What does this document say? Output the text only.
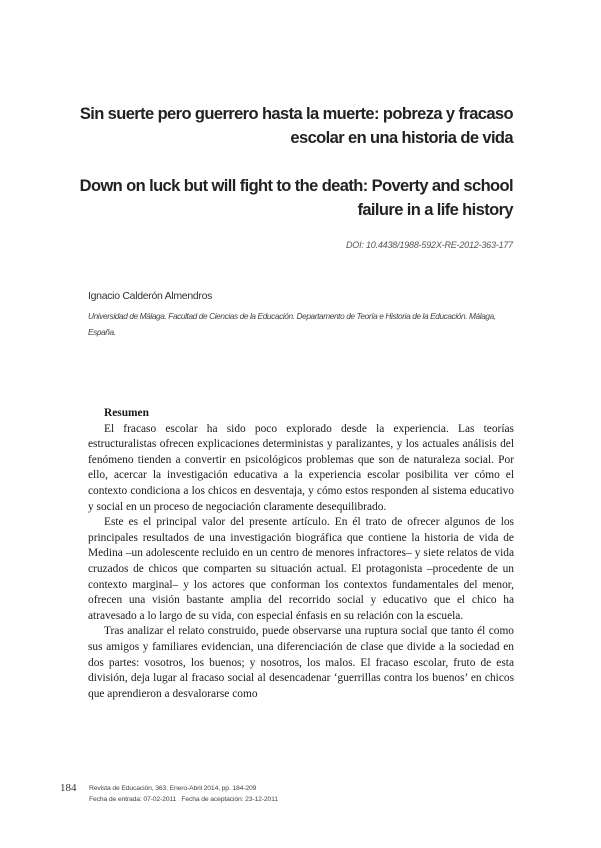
Sin suerte pero guerrero hasta la muerte: pobreza y fracaso escolar en una historia de vida
Down on luck but will fight to the death: Poverty and school failure in a life history
DOI: 10.4438/1988-592X-RE-2012-363-177
Ignacio Calderón Almendros
Universidad de Málaga. Facultad de Ciencias de la Educación. Departamento de Teoría e Historia de la Educación. Málaga, España.
Resumen

El fracaso escolar ha sido poco explorado desde la experiencia. Las teorías estructuralistas ofrecen explicaciones deterministas y paralizantes, y los actuales análisis del fenómeno tienden a convertir en psicológicos problemas que son de naturaleza social. Por ello, acercar la investigación educativa a la experiencia escolar posibilita ver cómo el contexto condiciona a los chicos en desventaja, y cómo estos responden al sistema educativo y social en un proceso de negociación claramente desequilibrado.

Este es el principal valor del presente artículo. En él trato de ofrecer algunos de los principales resultados de una investigación biográfica que contiene la historia de vida de Medina –un adolescente recluido en un centro de menores infractores– y siete relatos de vida cruzados de chicos que comparten su situación actual. El protagonista –procedente de un contexto marginal– y los actores que conforman los contextos fundamentales del menor, ofrecen una visión bastante amplia del recorrido social y educativo que el chico ha atravesado a lo largo de su vida, con especial énfasis en su relación con la escuela.

Tras analizar el relato construido, puede observarse una ruptura social que tanto él como sus amigos y familiares evidencian, una diferenciación de clase que divide a la sociedad en dos partes: vosotros, los buenos; y nosotros, los malos. El fracaso escolar, fruto de esta división, deja lugar al fracaso social al desencadenar ‘guerrillas contra los buenos’ en chicos que aprendieron a desvalorarse como

184 Revista de Educación, 363. Enero-Abril 2014, pp. 184-209
Fecha de entrada: 07-02-2011   Fecha de aceptación: 23-12-2011
